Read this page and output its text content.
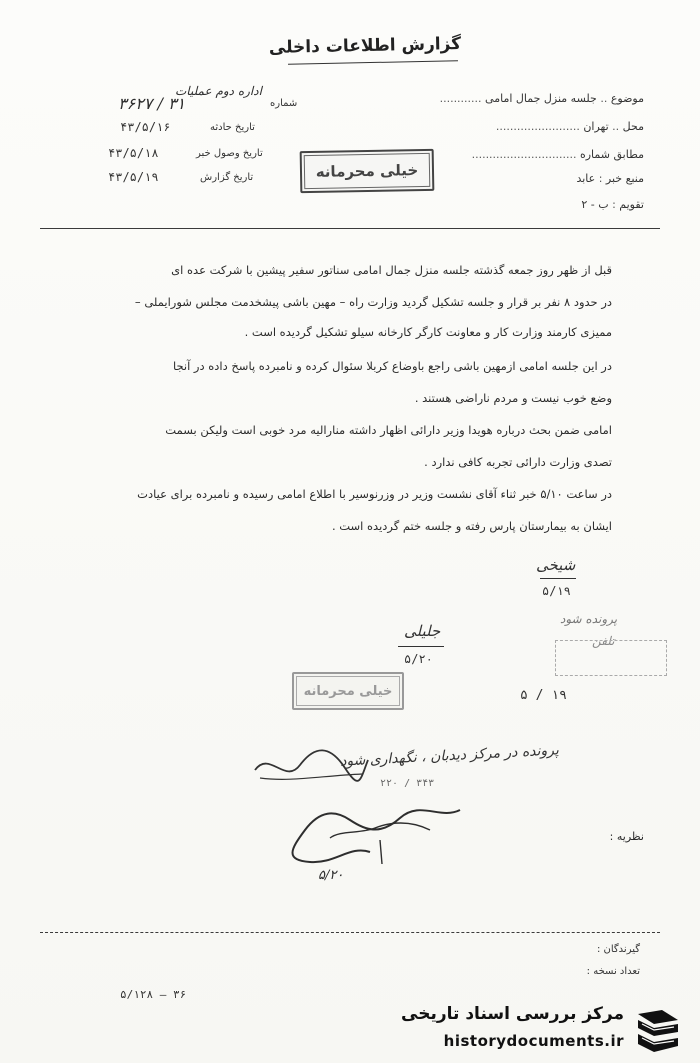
گزارش اطلاعات داخلی
اداره دوم عملیات
شماره
۳۶۲۷ / ۳۱
تاریخ حادثه
۴۳/۵/۱۶
تاریخ وصول خبر
۴۳/۵/۱۸
تاریخ گزارش
۴۳/۵/۱۹	خیلی محرمانه
موضوع .. جلسه منزل جمال امامی ............
محل .. تهران ........................
مطابق شماره ..............................
منبع خبر : عابد
تقویم : ب - ۲
قبل از ظهر روز جمعه گذشته جلسه منزل جمال امامی سناتور سفیر پیشین با شرکت عده ای
در حدود ۸ نفر بر قرار و جلسه تشکیل گردید وزارت راه – مهین باشی پیشخدمت مجلس شورایملی –
ممیزی کارمند وزارت کار و معاونت کارگر کارخانه سیلو تشکیل گردیده است .
در این جلسه امامی ازمهین باشی راجع باوضاع کربلا سئوال کرده و نامبرده پاسخ داده در آنجا
وضع خوب نیست و مردم ناراضی هستند .
امامی ضمن بحث درباره هویدا وزیر دارائی اظهار داشته منارالیه مرد خوبی است ولیکن بسمت
تصدی وزارت دارائی تجربه کافی ندارد .
در ساعت ۵/۱۰ خبر ثناء آقای نشست وزیر در وزرنوسیر با اطلاع امامی رسیده و نامبرده برای عیادت
ایشان به بیمارستان پارس رفته و جلسه ختم گردیده است .
شیخی
۵/۱۹
پرونده شود
تلفن
جلیلی
۵/۲۰
خیلی محرمانه	۵ / ۱۹
پرونده در مرکز دیدبان ، نگهداری شود
۲۲۰ / ۳۴۳
۵/۲۰
نظریه :
گیرندگان :
تعداد نسخه :
۵/۱۲۸ – ۳۶
مرکز بررسی اسناد تاریخی
historydocuments.ir
